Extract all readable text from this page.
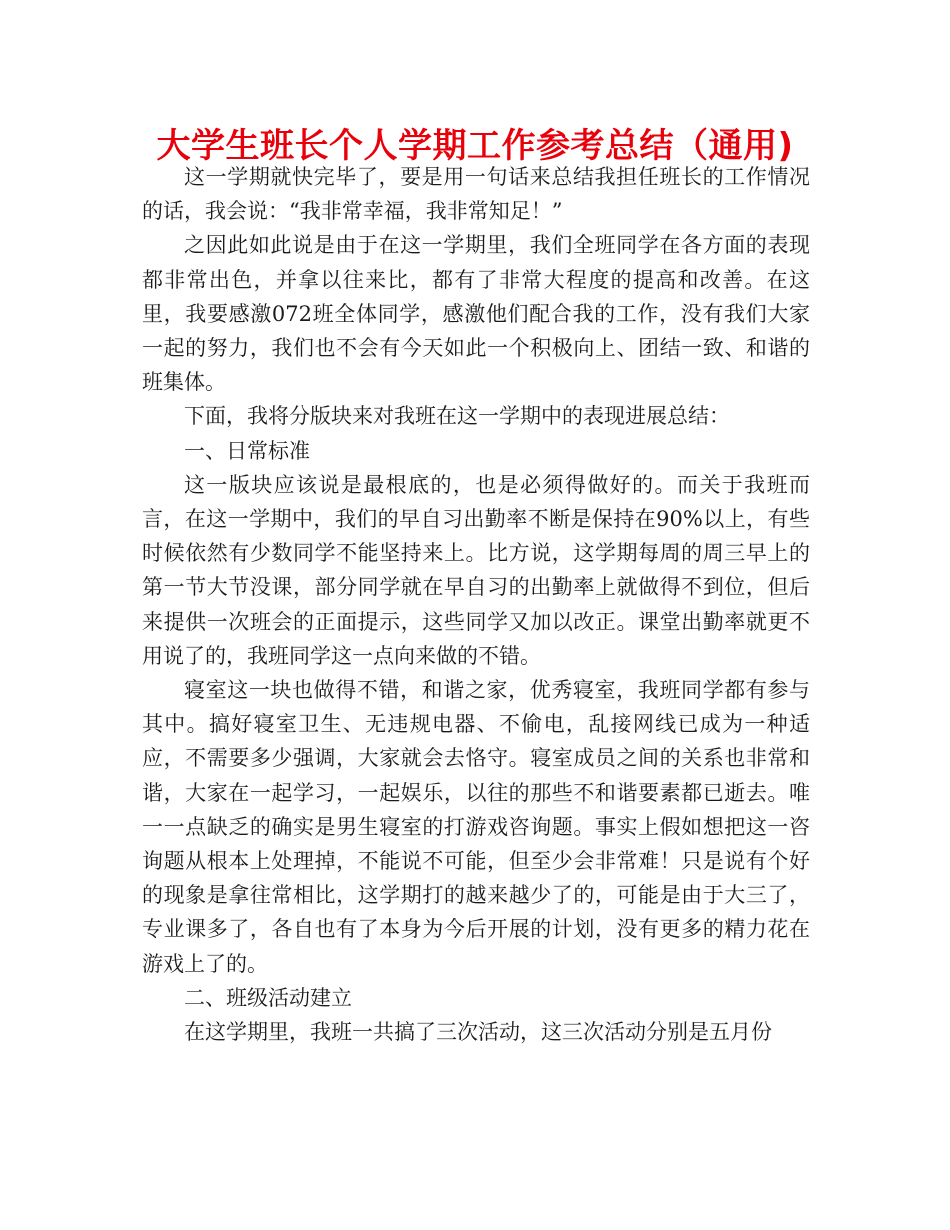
大学生班长个人学期工作参考总结（通用)

这一学期就快完毕了，要是用一句话来总结我担任班长的工作情况的话，我会说：“我非常幸福，我非常知足！”

之因此如此说是由于在这一学期里，我们全班同学在各方面的表现都非常出色，并拿以往来比，都有了非常大程度的提高和改善。在这里，我要感激072班全体同学，感激他们配合我的工作，没有我们大家一起的努力，我们也不会有今天如此一个积极向上、团结一致、和谐的班集体。

下面，我将分版块来对我班在这一学期中的表现进展总结：

一、日常标准

这一版块应该说是最根底的，也是必须得做好的。而关于我班而言，在这一学期中，我们的早自习出勤率不断是保持在90%以上，有些时候依然有少数同学不能坚持来上。比方说，这学期每周的周三早上的第一节大节没课，部分同学就在早自习的出勤率上就做得不到位，但后来提供一次班会的正面提示，这些同学又加以改正。课堂出勤率就更不用说了的，我班同学这一点向来做的不错。

寝室这一块也做得不错，和谐之家，优秀寝室，我班同学都有参与其中。搞好寝室卫生、无违规电器、不偷电，乱接网线已成为一种适应，不需要多少强调，大家就会去恪守。寝室成员之间的关系也非常和谐，大家在一起学习，一起娱乐，以往的那些不和谐要素都已逝去。唯一一点缺乏的确实是男生寝室的打游戏咨询题。事实上假如想把这一咨询题从根本上处理掉，不能说不可能，但至少会非常难！只是说有个好的现象是拿往常相比，这学期打的越来越少了的，可能是由于大三了，专业课多了，各自也有了本身为今后开展的计划，没有更多的精力花在游戏上了的。

二、班级活动建立

在这学期里，我班一共搞了三次活动，这三次活动分别是五月份
